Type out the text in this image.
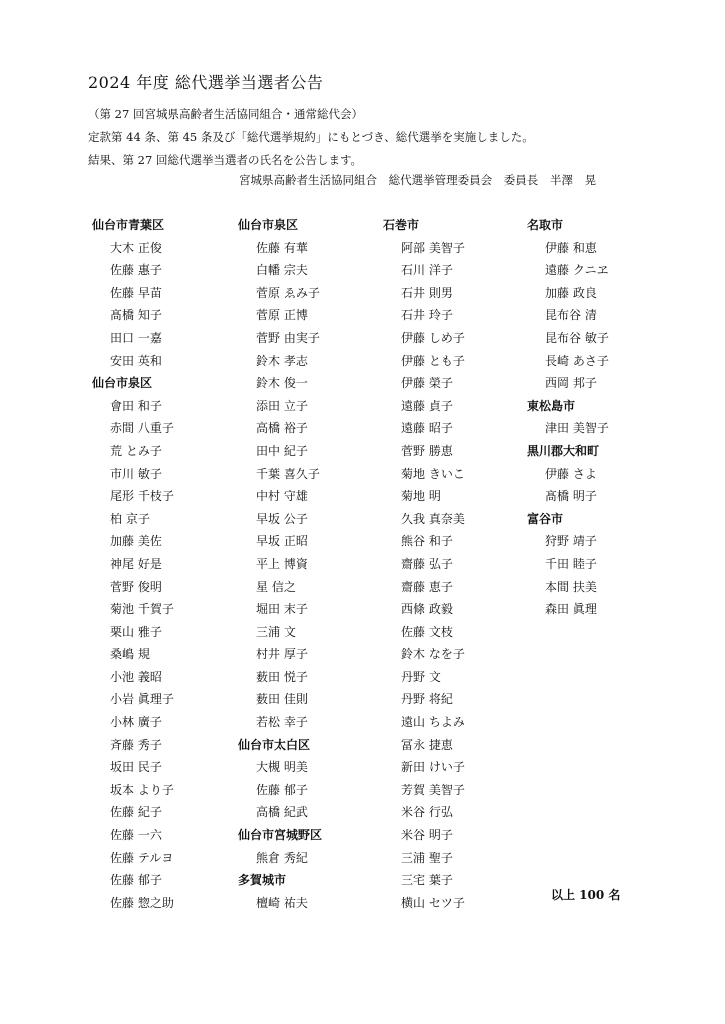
2024 年度 総代選挙当選者公告
（第 27 回宮城県高齢者生活協同組合・通常総代会）
定款第 44 条、第 45 条及び「総代選挙規約」にもとづき、総代選挙を実施しました。
結果、第 27 回総代選挙当選者の氏名を公告します。
宮城県高齢者生活協同組合 総代選挙管理委員会 委員長 半澤 晃
仙台市青葉区
大木 正俊
佐藤 惠子
佐藤 早苗
髙橋 知子
田口 一嘉
安田 英和
仙台市泉区
會田 和子
赤間 八重子
荒 とみ子
市川 敏子
尾形 千枝子
柏 京子
加藤 美佐
神尾 好是
菅野 俊明
菊池 千賀子
栗山 雅子
桑嶋 規
小池 義昭
小岩 眞理子
小林 廣子
斉藤 秀子
坂田 民子
坂本 より子
佐藤 紀子
佐藤 一六
佐藤 テルヨ
佐藤 郁子
佐藤 惣之助
仙台市泉区
佐藤 有華
白幡 宗夫
菅原 ゑみ子
菅原 正博
菅野 由実子
鈴木 孝志
鈴木 俊一
添田 立子
高橋 裕子
田中 紀子
千葉 喜久子
中村 守雄
早坂 公子
早坂 正昭
平上 博資
星 信之
堀田 末子
三浦 文
村井 厚子
薮田 悦子
薮田 佳則
若松 幸子
仙台市太白区
大槻 明美
佐藤 郁子
高橋 紀武
仙台市宮城野区
熊倉 秀紀
多賀城市
檀崎 祐夫
石巻市
阿部 美智子
石川 洋子
石井 則男
石井 玲子
伊藤 しめ子
伊藤 とも子
伊藤 榮子
遠藤 貞子
遠藤 昭子
菅野 勝恵
菊地 きいこ
菊地 明
久我 真奈美
熊谷 和子
齋藤 弘子
齋藤 恵子
西條 政毅
佐藤 文枝
鈴木 なを子
丹野 文
丹野 将紀
遠山 ちよみ
冨永 捷恵
新田 けい子
芳賀 美智子
米谷 行弘
米谷 明子
三浦 聖子
三宅 葉子
横山 セツ子
名取市
伊藤 和恵
遠藤 クニヱ
加藤 政良
昆布谷 清
昆布谷 敏子
長崎 あさ子
西岡 邦子
東松島市
津田 美智子
黒川郡大和町
伊藤 さよ
髙橋 明子
富谷市
狩野 靖子
千田 睦子
本間 扶美
森田 眞理
以上 100 名
